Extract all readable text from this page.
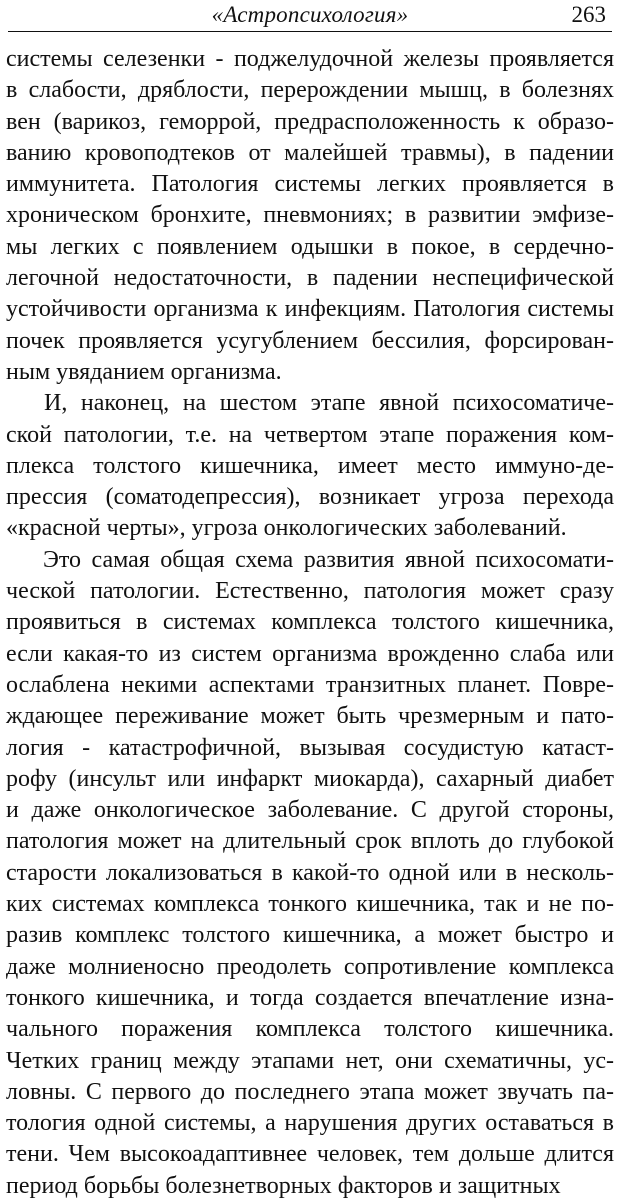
«Астропсихология»	263
системы селезенки - поджелудочной железы проявляется
в слабости, дряблости, перерождении мышц, в болезнях
вен (варикоз, геморрой, предрасположенность к образо-
ванию кровоподтеков от малейшей травмы), в падении
иммунитета. Патология системы легких проявляется в
хроническом бронхите, пневмониях; в развитии эмфизе-
мы легких с появлением одышки в покое, в сердечно-
легочной недостаточности, в падении неспецифической
устойчивости организма к инфекциям. Патология системы
почек проявляется усугублением бессилия, форсирован-
ным увяданием организма.
И, наконец, на шестом этапе явной психосоматиче-
ской патологии, т.е. на четвертом этапе поражения ком-
плекса толстого кишечника, имеет место иммуно-де-
прессия (соматодепрессия), возникает угроза перехода
«красной черты», угроза онкологических заболеваний.
Это самая общая схема развития явной психосомати-
ческой патологии. Естественно, патология может сразу
проявиться в системах комплекса толстого кишечника,
если какая-то из систем организма врожденно слаба или
ослаблена некими аспектами транзитных планет. Повре-
ждающее переживание может быть чрезмерным и пато-
логия - катастрофичной, вызывая сосудистую катаст-
рофу (инсульт или инфаркт миокарда), сахарный диабет
и даже онкологическое заболевание. С другой стороны,
патология может на длительный срок вплоть до глубокой
старости локализоваться в какой-то одной или в несколь-
ких системах комплекса тонкого кишечника, так и не по-
разив комплекс толстого кишечника, а может быстро и
даже молниеносно преодолеть сопротивление комплекса
тонкого кишечника, и тогда создается впечатление изна-
чального поражения комплекса толстого кишечника.
Четких границ между этапами нет, они схематичны, ус-
ловны. С первого до последнего этапа может звучать па-
тология одной системы, а нарушения других оставаться в
тени. Чем высокоадаптивнее человек, тем дольше длится
период борьбы болезнетворных факторов и защитных
